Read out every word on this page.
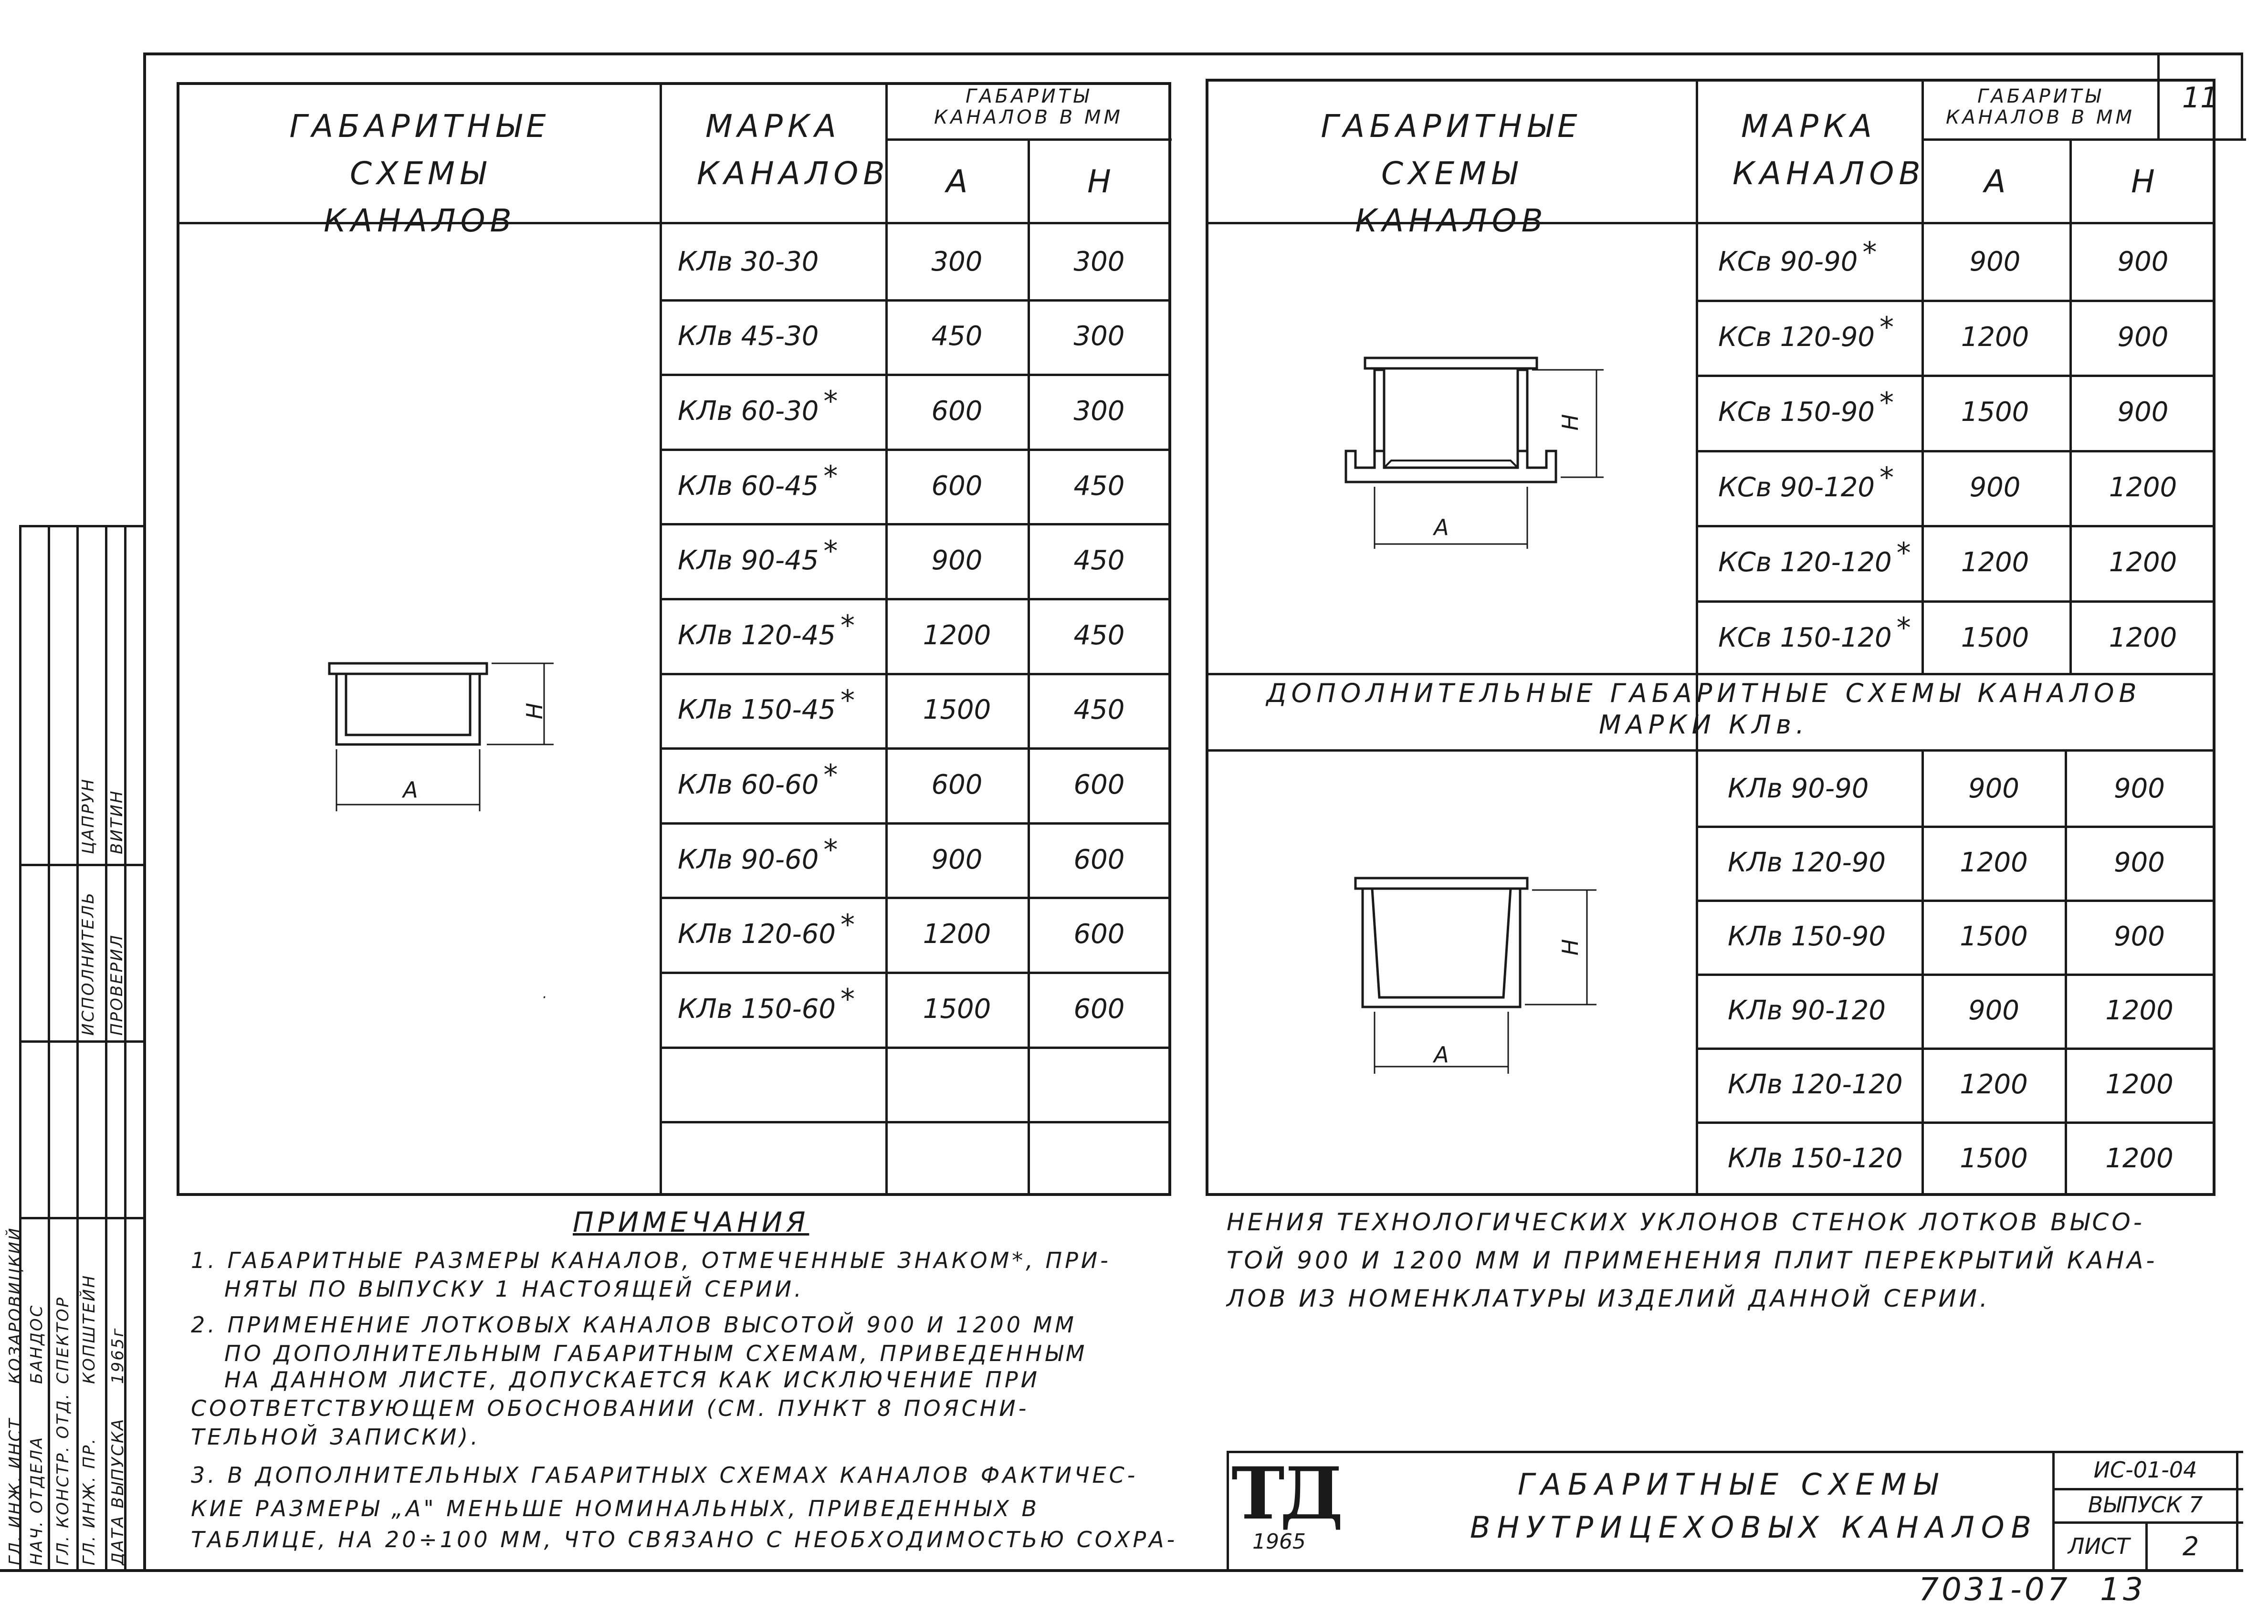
ГАБАРИТНЫЕ СХЕМЫ КАНАЛОВ
МАРКА КАНАЛОВ
ГАБАРИТЫ КАНАЛОВ В ММ
A	H
КЛв 30-30	300	300
КЛв 45-30	450	300
КЛв 60-30 *	600	300
КЛв 60-45 *	600	450
КЛв 90-45 *	900	450
КЛв 120-45 *	1200	450
КЛв 150-45 *	1500	450
КЛв 60-60 *	600	600
КЛв 90-60 *	900	600
КЛв 120-60 *	1200	600
КЛв 150-60 *	1500	600
H
A
·
11
ГАБАРИТНЫЕ СХЕМЫ КАНАЛОВ
МАРКА КАНАЛОВ
ГАБАРИТЫ КАНАЛОВ В ММ
A	H
КСв 90-90 *	900	900
КСв 120-90 *	1200	900
КСв 150-90 *	1500	900
КСв 90-120 *	900	1200
КСв 120-120 *	1200	1200
КСв 150-120 *	1500	1200
ДОПОЛНИТЕЛЬНЫЕ ГАБАРИТНЫЕ СХЕМЫ КАНАЛОВ МАРКИ КЛв.
КЛв 90-90	900	900
КЛв 120-90	1200	900
КЛв 150-90	1500	900
КЛв 90-120	900	1200
КЛв 120-120	1200	1200
КЛв 150-120	1500	1200
H
A
H
A
ПРИМЕЧАНИЯ
1. ГАБАРИТНЫЕ РАЗМЕРЫ КАНАЛОВ, ОТМЕЧЕННЫЕ ЗНАКОМ*, ПРИ-
НЯТЫ ПО ВЫПУСКУ 1 НАСТОЯЩЕЙ СЕРИИ.
2. ПРИМЕНЕНИЕ ЛОТКОВЫХ КАНАЛОВ ВЫСОТОЙ 900 И 1200 ММ
ПО ДОПОЛНИТЕЛЬНЫМ ГАБАРИТНЫМ СХЕМАМ, ПРИВЕДЕННЫМ
НА ДАННОМ ЛИСТЕ, ДОПУСКАЕТСЯ КАК ИСКЛЮЧЕНИЕ ПРИ
СООТВЕТСТВУЮЩЕМ ОБОСНОВАНИИ (СМ. ПУНКТ 8 ПОЯСНИ-
ТЕЛЬНОЙ ЗАПИСКИ).
3. В ДОПОЛНИТЕЛЬНЫХ ГАБАРИТНЫХ СХЕМАХ КАНАЛОВ ФАКТИЧЕС-
КИЕ РАЗМЕРЫ „А" МЕНЬШЕ НОМИНАЛЬНЫХ, ПРИВЕДЕННЫХ В
ТАБЛИЦЕ, НА 20÷100 ММ, ЧТО СВЯЗАНО С НЕОБХОДИМОСТЬЮ СОХРА-
НЕНИЯ ТЕХНОЛОГИЧЕСКИХ УКЛОНОВ СТЕНОК ЛОТКОВ ВЫСО-
ТОЙ 900 И 1200 ММ И ПРИМЕНЕНИЯ ПЛИТ ПЕРЕКРЫТИЙ КАНА-
ЛОВ ИЗ НОМЕНКЛАТУРЫ ИЗДЕЛИЙ ДАННОЙ СЕРИИ.
ТД
1965
ГАБАРИТНЫЕ СХЕМЫ
ВНУТРИЦЕХОВЫХ КАНАЛОВ
ИС-01-04
ВЫПУСК 7
ЛИСТ	2
7031-07 13
ГЛ. ИНЖ. ИНСТ НАЧ. ОТДЕЛА ГЛ. КОНСТР. ОТД. ГЛ. ИНЖ. ПР. ДАТА ВЫПУСКА
КОЗАРОВИЦКИЙ БАНДОС СПЕКТОР КОПШТЕЙН 1965г
ИСПОЛНИТЕЛЬ ПРОВЕРИЛ
ЦАПРУН ВИТИН
